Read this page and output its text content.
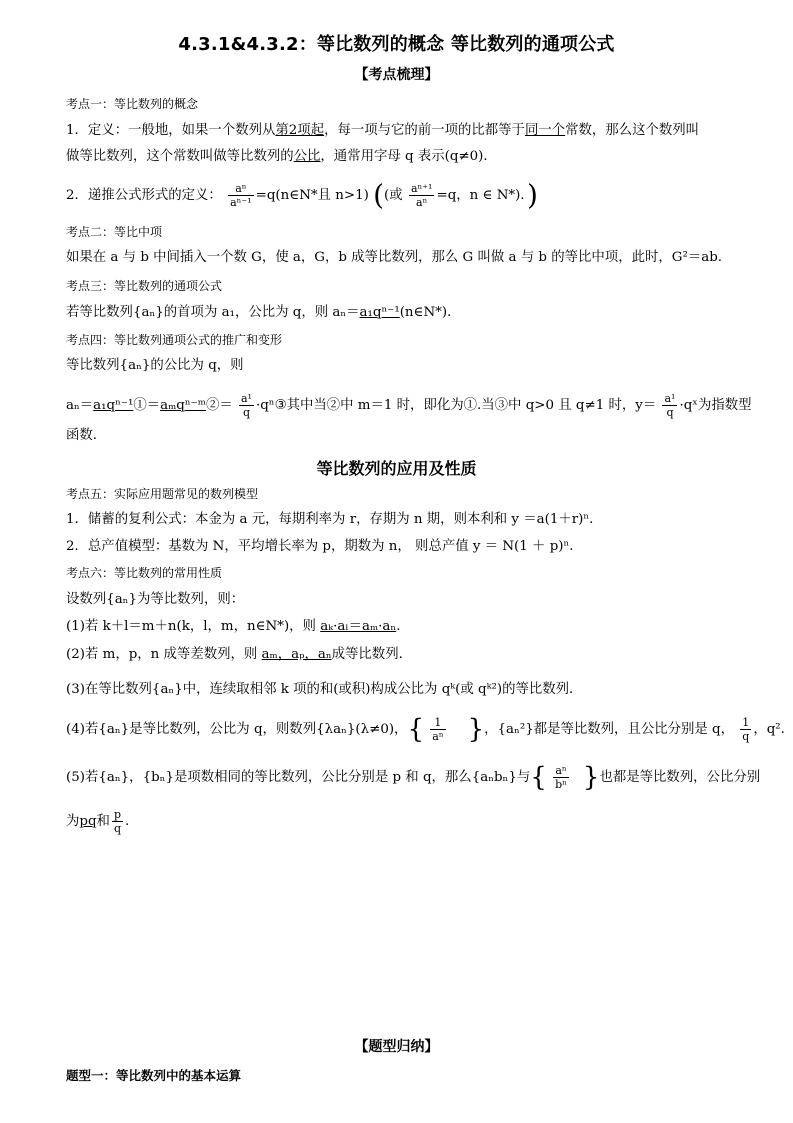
4.3.1&4.3.2：等比数列的概念 等比数列的通项公式
【考点梳理】
考点一：等比数列的概念
1．定义：一般地，如果一个数列从第2项起，每一项与它的前一项的比都等于同一个常数，那么这个数列叫
做等比数列，这个常数叫做等比数列的公比，通常用字母 q 表示(q≠0)．
2．递推公式形式的定义： $\frac{\text{aⁿ}}{\text{aⁿ⁻¹}}$ =q(n∈N*且 n>1) ((或 $\frac{\text{aⁿ⁺¹}}{\text{aⁿ}} =q$，n ∈ N*)．)
考点二：等比中项
如果在 a 与 b 中间插入一个数 G，使 a，G，b 成等比数列，那么 G 叫做 a 与 b 的等比中项，此时，G²＝ab.
考点三：等比数列的通项公式
若等比数列{aₙ}的首项为 a₁，公比为 q，则 aₙ＝a₁qⁿ⁻¹(n∈N*)．
考点四：等比数列通项公式的推广和变形
等比数列{aₙ}的公比为 q，则
aₙ＝a₁qⁿ⁻¹①＝aₘqⁿ⁻ᵐ②＝ $\frac{\text{a¹}}{q}$ ·qⁿ③其中当②中 m＝1 时，即化为①.当③中 q>0 且 q≠1 时，$y= \frac{\text{a¹}}{q}$ ·qˣ为指数型
函数．
等比数列的应用及性质
考点五：实际应用题常见的数列模型
1．储蓄的复利公式：本金为 a 元，每期利率为 r，存期为 n 期，则本利和 y ＝a(1＋r)ⁿ.
2．总产值模型：基数为 N，平均增长率为 p，期数为 n， 则总产值 y ＝ N(1 ＋ p)ⁿ.
考点六：等比数列的常用性质
设数列{aₙ}为等比数列，则：
(1)若 k＋l＝m＋n(k，l，m，n∈N*)，则 aₖ·aₗ＝aₘ·aₙ.
(2)若 m，p，n 成等差数列，则 aₘ，aₚ，aₙ成等比数列．
(3)在等比数列{aₙ}中，连续取相邻 k 项的和(或积)构成公比为 qᵏ(或 qᵏ²)的等比数列．
(4)若{aₙ}是等比数列，公比为 q，则数列{λaₙ}(λ≠0)，{ $\frac{1}{\text{aⁿ}}$ }，{aₙ²}都是等比数列，且公比分别是 q， $\frac{1}{q}$ ，q².
(5)若{aₙ}，{bₙ}是项数相同的等比数列，公比分别是 p 和 q，那么{aₙbₙ}与{ $\frac{\text{aⁿ}}{\text{bⁿ}}$ }也都是等比数列，公比分别
为pq和 $\frac{p}{q}$ .
【题型归纳】
题型一：等比数列中的基本运算
